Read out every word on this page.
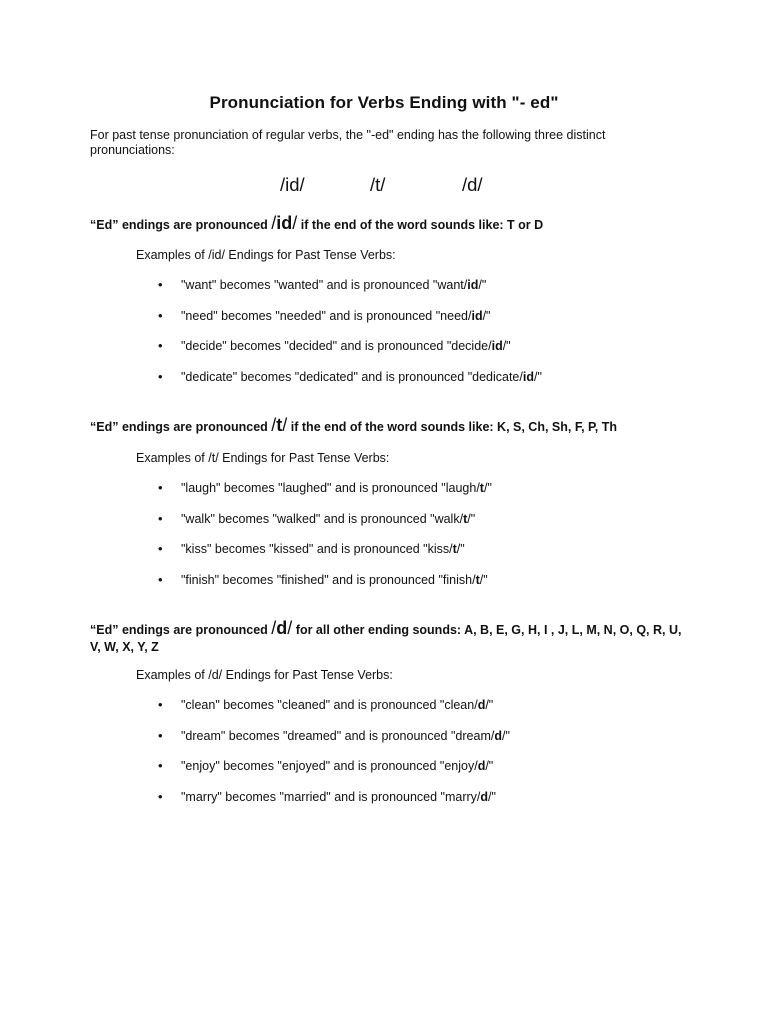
Pronunciation for Verbs Ending with "- ed"
For past tense pronunciation of regular verbs, the "-ed" ending has the following three distinct pronunciations:
/id/	/t/	/d/
“Ed” endings are pronounced /id/ if the end of the word sounds like: T or D
Examples of /id/ Endings for Past Tense Verbs:
• "want" becomes "wanted" and is pronounced "want/id/"
• "need" becomes "needed" and is pronounced "need/id/"
• "decide" becomes "decided" and is pronounced "decide/id/"
• "dedicate" becomes "dedicated" and is pronounced "dedicate/id/"
“Ed” endings are pronounced /t/ if the end of the word sounds like: K, S, Ch, Sh, F, P, Th
Examples of /t/ Endings for Past Tense Verbs:
• "laugh" becomes "laughed" and is pronounced "laugh/t/"
• "walk" becomes "walked" and is pronounced "walk/t/"
• "kiss" becomes "kissed" and is pronounced "kiss/t/"
• "finish" becomes "finished" and is pronounced "finish/t/"
“Ed” endings are pronounced /d/ for all other ending sounds: A, B, E, G, H, I , J, L, M, N, O, Q, R, U, V, W, X, Y, Z
Examples of /d/ Endings for Past Tense Verbs:
• "clean" becomes "cleaned" and is pronounced "clean/d/"
• "dream" becomes "dreamed" and is pronounced "dream/d/"
• "enjoy" becomes "enjoyed" and is pronounced "enjoy/d/"
• "marry" becomes "married" and is pronounced "marry/d/"
